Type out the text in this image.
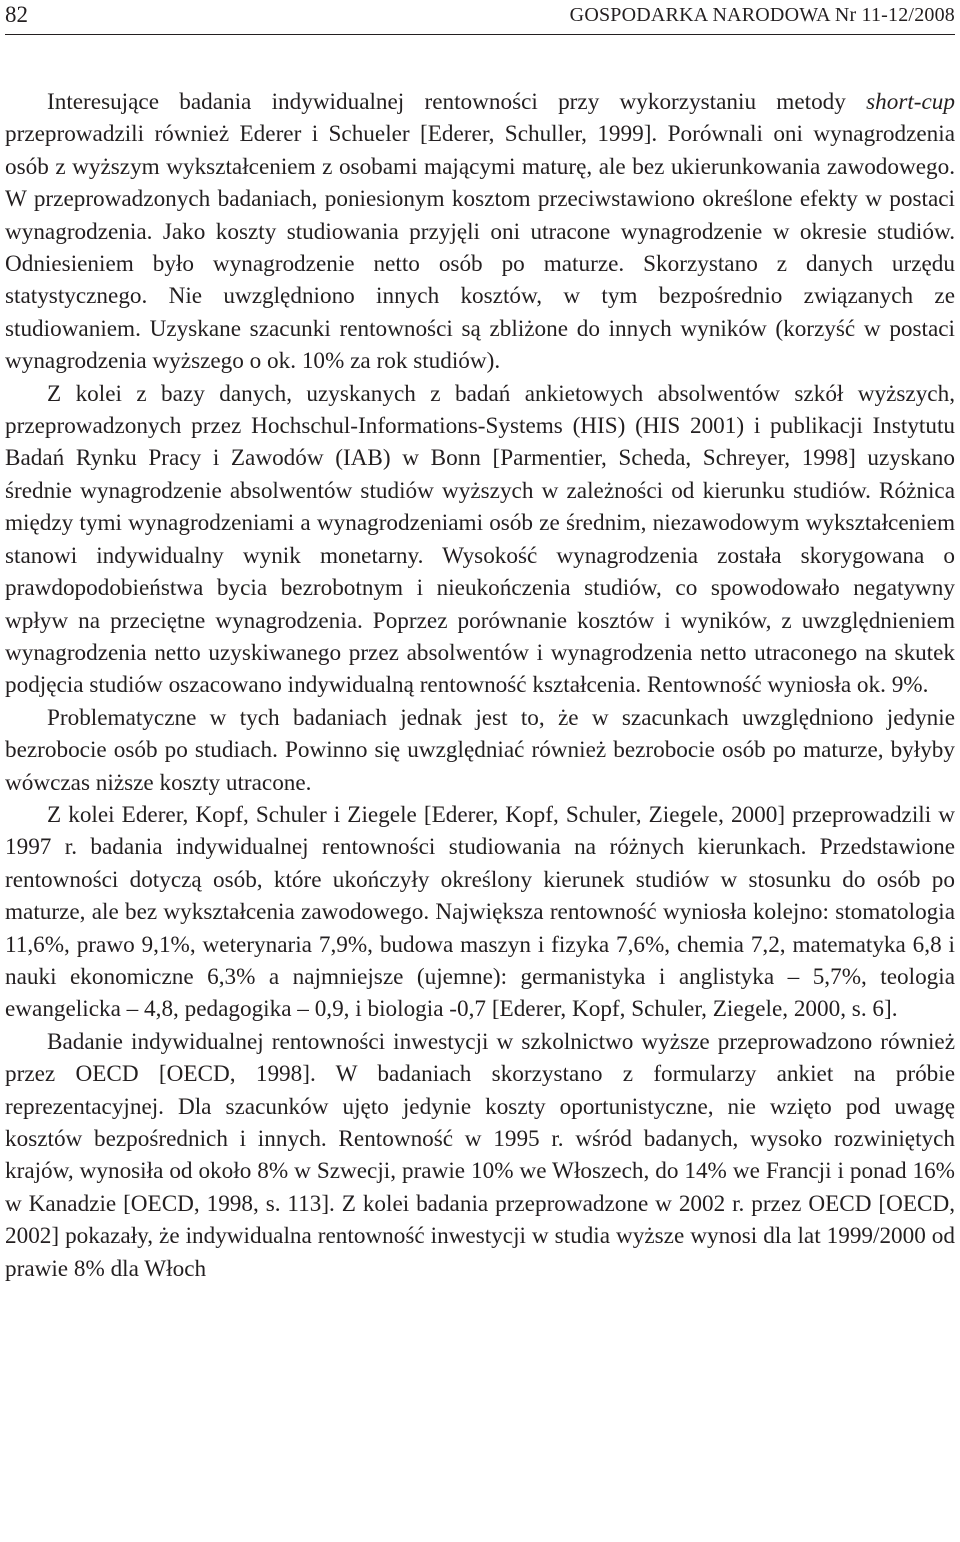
82	GOSPODARKA NARODOWA Nr 11-12/2008

Interesujące badania indywidualnej rentowności przy wykorzystaniu metody short-cup przeprowadzili również Ederer i Schueler [Ederer, Schuller, 1999]. Porównali oni wynagrodzenia osób z wyższym wykształceniem z osobami mającymi maturę, ale bez ukierunkowania zawodowego. W przeprowadzonych badaniach, poniesionym kosztom przeciwstawiono określone efekty w postaci wynagrodzenia. Jako koszty studiowania przyjęli oni utracone wynagrodzenie w okresie studiów. Odniesieniem było wynagrodzenie netto osób po maturze. Skorzystano z danych urzędu statystycznego. Nie uwzględniono innych kosztów, w tym bezpośrednio związanych ze studiowaniem. Uzyskane szacunki rentowności są zbliżone do innych wyników (korzyść w postaci wynagrodzenia wyższego o ok. 10% za rok studiów).

Z kolei z bazy danych, uzyskanych z badań ankietowych absolwentów szkół wyższych, przeprowadzonych przez Hochschul-Informations-Systems (HIS) (HIS 2001) i publikacji Instytutu Badań Rynku Pracy i Zawodów (IAB) w Bonn [Parmentier, Scheda, Schreyer, 1998] uzyskano średnie wynagrodzenie absolwentów studiów wyższych w zależności od kierunku studiów. Różnica między tymi wynagrodzeniami a wynagrodzeniami osób ze średnim, niezawodowym wykształceniem stanowi indywidualny wynik monetarny. Wysokość wynagrodzenia została skorygowana o prawdopodobieństwa bycia bezrobotnym i nieukończenia studiów, co spowodowało negatywny wpływ na przeciętne wynagrodzenia. Poprzez porównanie kosztów i wyników, z uwzględnieniem wynagrodzenia netto uzyskiwanego przez absolwentów i wynagrodzenia netto utraconego na skutek podjęcia studiów oszacowano indywidualną rentowność kształcenia. Rentowność wyniosła ok. 9%.

Problematyczne w tych badaniach jednak jest to, że w szacunkach uwzględniono jedynie bezrobocie osób po studiach. Powinno się uwzględniać również bezrobocie osób po maturze, byłyby wówczas niższe koszty utracone.

Z kolei Ederer, Kopf, Schuler i Ziegele [Ederer, Kopf, Schuler, Ziegele, 2000] przeprowadzili w 1997 r. badania indywidualnej rentowności studiowania na różnych kierunkach. Przedstawione rentowności dotyczą osób, które ukończyły określony kierunek studiów w stosunku do osób po maturze, ale bez wykształcenia zawodowego. Największa rentowność wyniosła kolejno: stomatologia 11,6%, prawo 9,1%, weterynaria 7,9%, budowa maszyn i fizyka 7,6%, chemia 7,2, matematyka 6,8 i nauki ekonomiczne 6,3% a najmniejsze (ujemne): germanistyka i anglistyka – 5,7%, teologia ewangelicka – 4,8, pedagogika – 0,9, i biologia -0,7 [Ederer, Kopf, Schuler, Ziegele, 2000, s. 6].

Badanie indywidualnej rentowności inwestycji w szkolnictwo wyższe przeprowadzono również przez OECD [OECD, 1998]. W badaniach skorzystano z formularzy ankiet na próbie reprezentacyjnej. Dla szacunków ujęto jedynie koszty oportunistyczne, nie wzięto pod uwagę kosztów bezpośrednich i innych. Rentowność w 1995 r. wśród badanych, wysoko rozwiniętych krajów, wynosiła od około 8% w Szwecji, prawie 10% we Włoszech, do 14% we Francji i ponad 16% w Kanadzie [OECD, 1998, s. 113]. Z kolei badania przeprowadzone w 2002 r. przez OECD [OECD, 2002] pokazały, że indywidualna rentowność inwestycji w studia wyższe wynosi dla lat 1999/2000 od prawie 8% dla Włoch
